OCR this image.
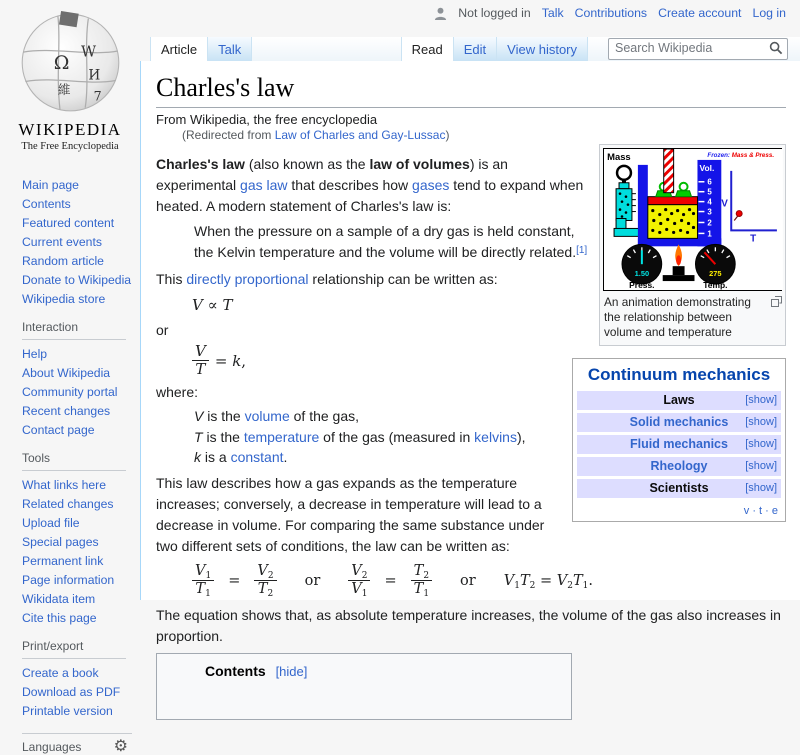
Ω
W
И
7
維
WIKIPEDIA
The Free Encyclopedia
Main page
Contents
Featured content
Current events
Random article
Donate to Wikipedia
Wikipedia store
Interaction
Help
About Wikipedia
Community portal
Recent changes
Contact page
Tools
What links here
Related changes
Upload file
Special pages
Permanent link
Page information
Wikidata item
Cite this page
Print/export
Create a book
Download as PDF
Printable version
Languages ⚙
Not logged in Talk Contributions Create account Log in
Article	Talk	Read	Edit	View history
Search Wikipedia
Charles's law
From Wikipedia, the free encyclopedia
(Redirected from Law of Charles and Gay-Lussac)
Mass
Vol.
6
5
4
3
2
1
Frozen: Mass & Press.
V
T
1.50
Press.
275
Temp.
An animation demonstrating the relationship between volume and temperature
Continuum mechanics
Laws	[show]
Solid mechanics [show]
Fluid mechanics [show]
Rheology	[show]
Scientists	[show]
v · t · e

Charles's law (also known as the law of volumes) is an experimental gas law that describes how gases tend to expand when heated. A modern statement of Charles's law is:

When the pressure on a sample of a dry gas is held constant, the Kelvin temperature and the volume will be directly related.[1]

This directly proportional relationship can be written as:

V ∝ T

or

$\frac{V}{T} = k$,

where:

V is the volume of the gas,
T is the temperature of the gas (measured in kelvins),
k is a constant.

This law describes how a gas expands as the temperature increases; conversely, a decrease in temperature will lead to a decrease in volume. For comparing the same substance under two different sets of conditions, the law can be written as:

$\frac{V_1}{T_1} = \frac{V_2}{T_2}$ or $\frac{V_2}{V_1} = \frac{T_2}{T_1}$ or $V_1T_2 = V_2T_1$.

The equation shows that, as absolute temperature increases, the volume of the gas also increases in proportion.

Contents [hide]
